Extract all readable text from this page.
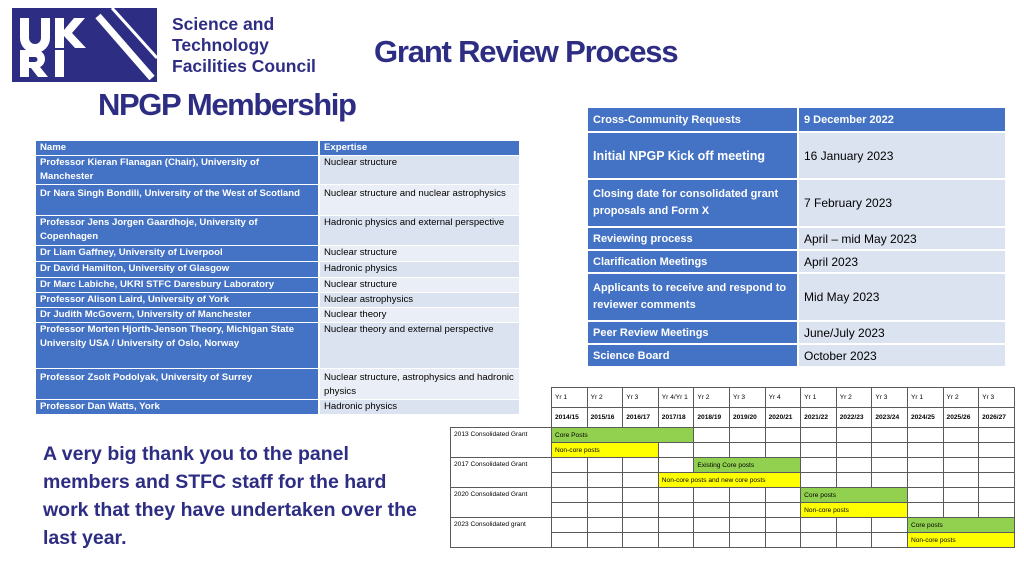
Science and
Technology
Facilities Council Grant Review Process
NPGP Membership
Name	Expertise
Professor Kieran Flanagan (Chair), University of Manchester	Nuclear structure
Dr Nara Singh Bondili, University of the West of Scotland	Nuclear structure and nuclear astrophysics
Professor Jens Jorgen Gaardhoje, University of Copenhagen	Hadronic physics and external perspective
Dr Liam Gaffney, University of Liverpool	Nuclear structure
Dr David Hamilton, University of Glasgow	Hadronic physics
Dr Marc Labiche, UKRI STFC Daresbury Laboratory	Nuclear structure
Professor Alison Laird, University of York	Nuclear astrophysics
Dr Judith McGovern, University of Manchester	Nuclear theory
Professor Morten Hjorth-Jenson Theory, Michigan State University USA / University of Oslo, Norway	Nuclear theory and external perspective
Professor Zsolt Podolyak, University of Surrey	Nuclear structure, astrophysics and hadronic physics
Professor Dan Watts, York	Hadronic physics
Cross-Community Requests	9 December 2022
Initial NPGP Kick off meeting	16 January 2023
Closing date for consolidated grant proposals and Form X	7 February 2023
Reviewing process	April – mid May 2023
Clarification Meetings	April 2023
Applicants to receive and respond to reviewer comments	Mid May 2023
Peer Review Meetings	June/July 2023
Science Board	October 2023
	Yr 1	Yr 2	Yr 3	Yr 4/Yr 1	Yr 2	Yr 3	Yr 4	Yr 1	Yr 2	Yr 3	Yr 1	Yr 2	Yr 3
	2014/15	2015/16	2016/17	2017/18	2018/19	2019/20	2020/21	2021/22	2022/23	2023/24	2024/25	2025/26	2026/27
2013 Consolidated Grant	Core Posts												
	Non-core posts												
2017 Consolidated Grant					Existing Core posts								
				Non-core posts and new core posts									
2020 Consolidated Grant								Core posts					
								Non-core posts					
2023 Consolidated grant											Core posts		
											Non-core posts		
A very big thank you to the panel members and STFC staff for the hard work that they have undertaken over the last year.
